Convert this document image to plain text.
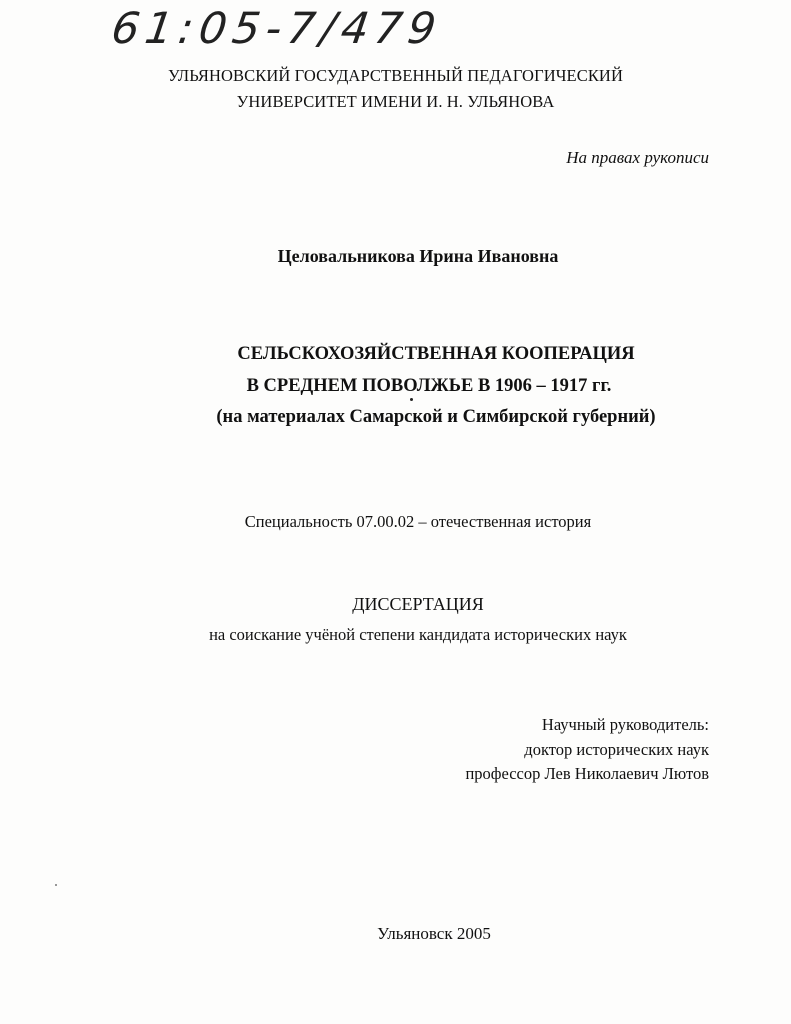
61:05-7/479
УЛЬЯНОВСКИЙ ГОСУДАРСТВЕННЫЙ ПЕДАГОГИЧЕСКИЙ
УНИВЕРСИТЕТ ИМЕНИ И. Н. УЛЬЯНОВА
На правах рукописи
Целовальникова Ирина Ивановна
СЕЛЬСКОХОЗЯЙСТВЕННАЯ КООПЕРАЦИЯ
В СРЕДНЕМ ПОВОЛЖЬЕ В 1906 – 1917 гг.
(на материалах Самарской и Симбирской губерний)
Специальность 07.00.02 – отечественная история
ДИССЕРТАЦИЯ
на соискание учёной степени кандидата исторических наук
Научный руководитель:
доктор исторических наук
профессор Лев Николаевич Лютов
Ульяновск 2005
